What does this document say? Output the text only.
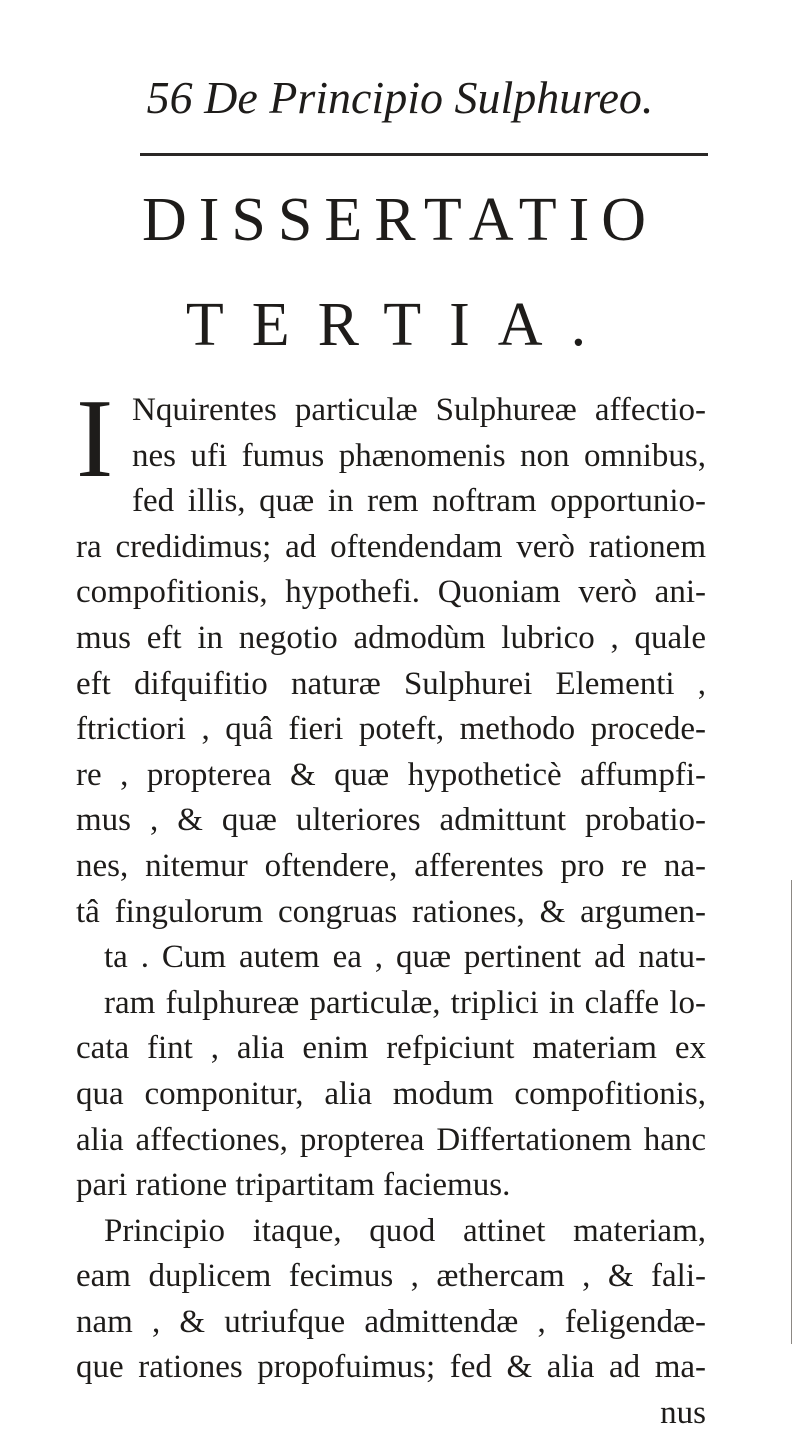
56 De Principio Sulphureo.
DISSERTATIO
TERTIA.
I Nquirentes particulæ Sulphureæ affectio-
nes ufi fumus phænomenis non omnibus,
fed illis, quæ in rem noftram opportunio-
ra credidimus; ad oftendendam verò rationem
compofitionis, hypothefi. Quoniam verò ani-
mus eft in negotio admodùm lubrico , quale
eft difquifitio naturæ Sulphurei Elementi ,
ftrictiori , quâ fieri poteft, methodo procede-
re , propterea & quæ hypotheticè affumpfi-
mus , & quæ ulteriores admittunt probatio-
nes, nitemur oftendere, afferentes pro re na-
tâ fingulorum congruas rationes, & argumen-
ta . Cum autem ea , quæ pertinent ad natu-
ram fulphureæ particulæ, triplici in claffe lo-
cata fint , alia enim refpiciunt materiam ex
qua componitur, alia modum compofitionis,
alia affectiones, propterea Differtationem hanc
pari ratione tripartitam faciemus.
Principio itaque, quod attinet materiam,
eam duplicem fecimus , æthercam , & fali-
nam , & utriufque admittendæ , feligendæ-
que rationes propofuimus; fed & alia ad ma-
nus
